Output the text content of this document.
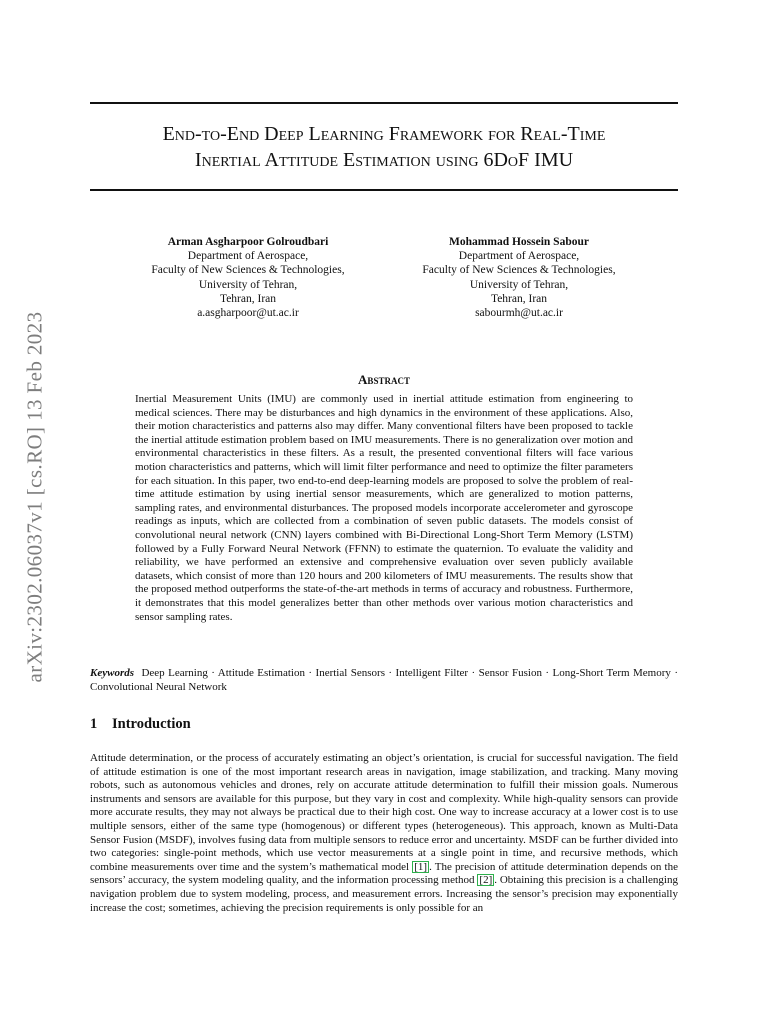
arXiv:2302.06037v1 [cs.RO] 13 Feb 2023
End-to-End Deep Learning Framework for Real-Time
Inertial Attitude Estimation using 6DoF IMU
Arman Asgharpoor Golroudbari
Department of Aerospace,
Faculty of New Sciences & Technologies,
University of Tehran,
Tehran, Iran
a.asgharpoor@ut.ac.ir
Mohammad Hossein Sabour
Department of Aerospace,
Faculty of New Sciences & Technologies,
University of Tehran,
Tehran, Iran
sabourmh@ut.ac.ir
Abstract
Inertial Measurement Units (IMU) are commonly used in inertial attitude estimation from engineering to medical sciences. There may be disturbances and high dynamics in the environment of these applications. Also, their motion characteristics and patterns also may differ. Many conventional filters have been proposed to tackle the inertial attitude estimation problem based on IMU measurements. There is no generalization over motion and environmental characteristics in these filters. As a result, the presented conventional filters will face various motion characteristics and patterns, which will limit filter performance and need to optimize the filter parameters for each situation. In this paper, two end-to-end deep-learning models are proposed to solve the problem of real-time attitude estimation by using inertial sensor measurements, which are generalized to motion patterns, sampling rates, and environmental disturbances. The proposed models incorporate accelerometer and gyroscope readings as inputs, which are collected from a combination of seven public datasets. The models consist of convolutional neural network (CNN) layers combined with Bi-Directional Long-Short Term Memory (LSTM) followed by a Fully Forward Neural Network (FFNN) to estimate the quaternion. To evaluate the validity and reliability, we have performed an extensive and comprehensive evaluation over seven publicly available datasets, which consist of more than 120 hours and 200 kilometers of IMU measurements. The results show that the proposed method outperforms the state-of-the-art methods in terms of accuracy and robustness. Furthermore, it demonstrates that this model generalizes better than other methods over various motion characteristics and sensor sampling rates.
Keywords Deep Learning · Attitude Estimation · Inertial Sensors · Intelligent Filter · Sensor Fusion · Long-Short Term Memory · Convolutional Neural Network
1 Introduction
Attitude determination, or the process of accurately estimating an object’s orientation, is crucial for successful navigation. The field of attitude estimation is one of the most important research areas in navigation, image stabilization, and tracking. Many moving robots, such as autonomous vehicles and drones, rely on accurate attitude determination to fulfill their mission goals. Numerous instruments and sensors are available for this purpose, but they vary in cost and complexity. While high-quality sensors can provide more accurate results, they may not always be practical due to their high cost. One way to increase accuracy at a lower cost is to use multiple sensors, either of the same type (homogenous) or different types (heterogeneous). This approach, known as Multi-Data Sensor Fusion (MSDF), involves fusing data from multiple sensors to reduce error and uncertainty. MSDF can be further divided into two categories: single-point methods, which use vector measurements at a single point in time, and recursive methods, which combine measurements over time and the system’s mathematical model [1] . The precision of attitude determination depends on the sensors’ accuracy, the system modeling quality, and the information processing method [2] . Obtaining this precision is a challenging navigation problem due to system modeling, process, and measurement errors. Increasing the sensor’s precision may exponentially increase the cost; sometimes, achieving the precision requirements is only possible for an
